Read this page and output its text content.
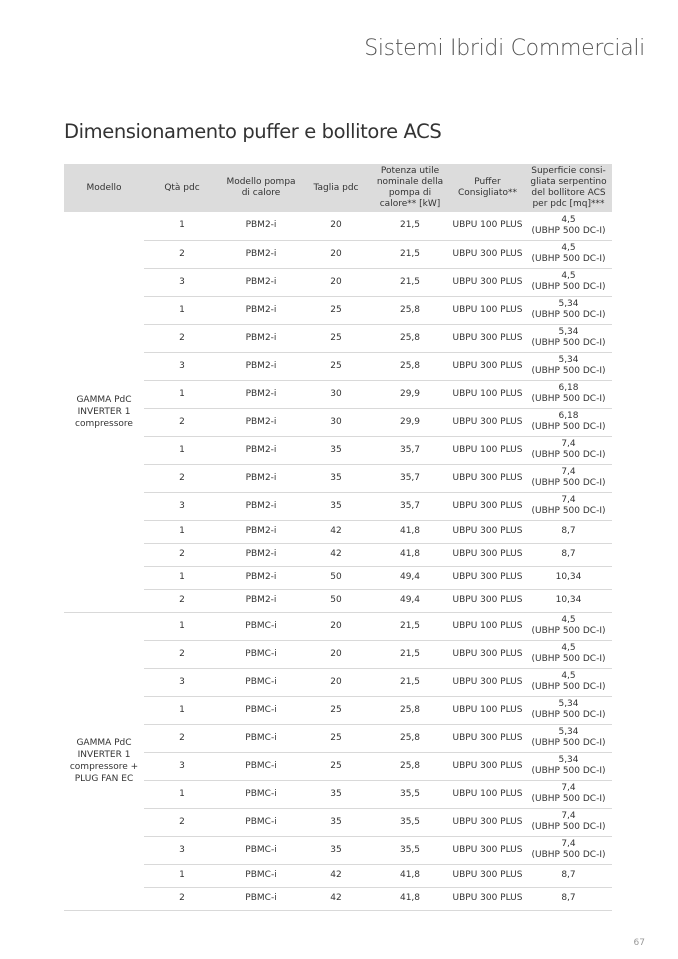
Sistemi Ibridi Commerciali
Dimensionamento puffer e bollitore ACS
Modello	Qtà pdc	Modello pompa di calore	Taglia pdc	Potenza utile nominale della pompa di calore** [kW]	Puffer Consigliato**	Superficie consi-gliata serpentino del bollitore ACS per pdc [mq]***
GAMMA PdC INVERTER 1 compressore	1	PBM2-i	20	21,5	UBPU 100 PLUS	4,5
(UBHP 500 DC-I)
	2	PBM2-i	20	21,5	UBPU 300 PLUS	4,5
(UBHP 500 DC-I)
	3	PBM2-i	20	21,5	UBPU 300 PLUS	4,5
(UBHP 500 DC-I)
	1	PBM2-i	25	25,8	UBPU 100 PLUS	5,34
(UBHP 500 DC-I)
	2	PBM2-i	25	25,8	UBPU 300 PLUS	5,34
(UBHP 500 DC-I)
	3	PBM2-i	25	25,8	UBPU 300 PLUS	5,34
(UBHP 500 DC-I)
	1	PBM2-i	30	29,9	UBPU 100 PLUS	6,18
(UBHP 500 DC-I)
	2	PBM2-i	30	29,9	UBPU 300 PLUS	6,18
(UBHP 500 DC-I)
	1	PBM2-i	35	35,7	UBPU 100 PLUS	7,4
(UBHP 500 DC-I)
	2	PBM2-i	35	35,7	UBPU 300 PLUS	7,4
(UBHP 500 DC-I)
	3	PBM2-i	35	35,7	UBPU 300 PLUS	7,4
(UBHP 500 DC-I)
	1	PBM2-i	42	41,8	UBPU 300 PLUS	8,7
	2	PBM2-i	42	41,8	UBPU 300 PLUS	8,7
	1	PBM2-i	50	49,4	UBPU 300 PLUS	10,34
	2	PBM2-i	50	49,4	UBPU 300 PLUS	10,34
GAMMA PdC INVERTER 1 compressore + PLUG FAN EC	1	PBMC-i	20	21,5	UBPU 100 PLUS	4,5
(UBHP 500 DC-I)
	2	PBMC-i	20	21,5	UBPU 300 PLUS	4,5
(UBHP 500 DC-I)
	3	PBMC-i	20	21,5	UBPU 300 PLUS	4,5
(UBHP 500 DC-I)
	1	PBMC-i	25	25,8	UBPU 100 PLUS	5,34
(UBHP 500 DC-I)
	2	PBMC-i	25	25,8	UBPU 300 PLUS	5,34
(UBHP 500 DC-I)
	3	PBMC-i	25	25,8	UBPU 300 PLUS	5,34
(UBHP 500 DC-I)
	1	PBMC-i	35	35,5	UBPU 100 PLUS	7,4
(UBHP 500 DC-I)
	2	PBMC-i	35	35,5	UBPU 300 PLUS	7,4
(UBHP 500 DC-I)
	3	PBMC-i	35	35,5	UBPU 300 PLUS	7,4
(UBHP 500 DC-I)
	1	PBMC-i	42	41,8	UBPU 300 PLUS	8,7
	2	PBMC-i	42	41,8	UBPU 300 PLUS	8,7
67
